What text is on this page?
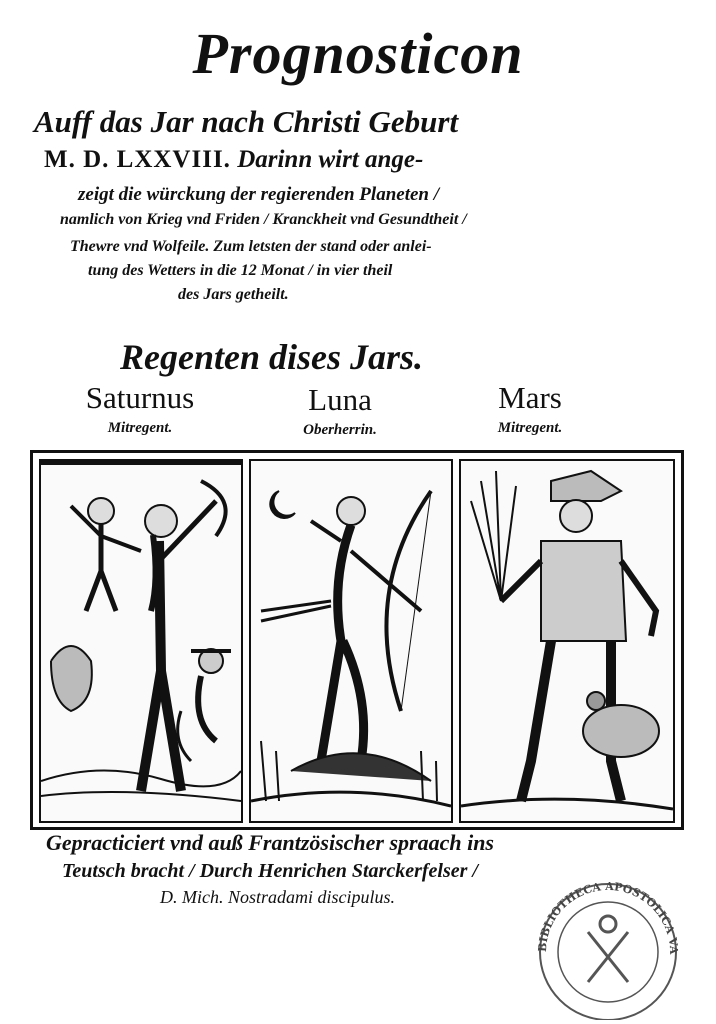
Prognosticon
Auff das Jar nach Christi Geburt
M. D. LXXVIII. Darinn wirt ange-
zeigt die würckung der regierenden Planeten /
namlich von Krieg vnd Friden / Kranckheit vnd Gesundtheit /
Thewre vnd Wolfeile. Zum letsten der stand oder anlei-
tung des Wetters in die 12 Monat / in vier theil
des Jars getheilt.
Regenten dises Jars.
Saturnus
Mitregent.
Luna
Oberherrin.
Mars
Mitregent.
Gepracticiert vnd auß Frantzösischer spraach ins
Teutsch bracht / Durch Henrichen Starckerfelser /
D. Mich. Nostradami discipulus.
BIBLIOTHECA APOSTOLICA VA
